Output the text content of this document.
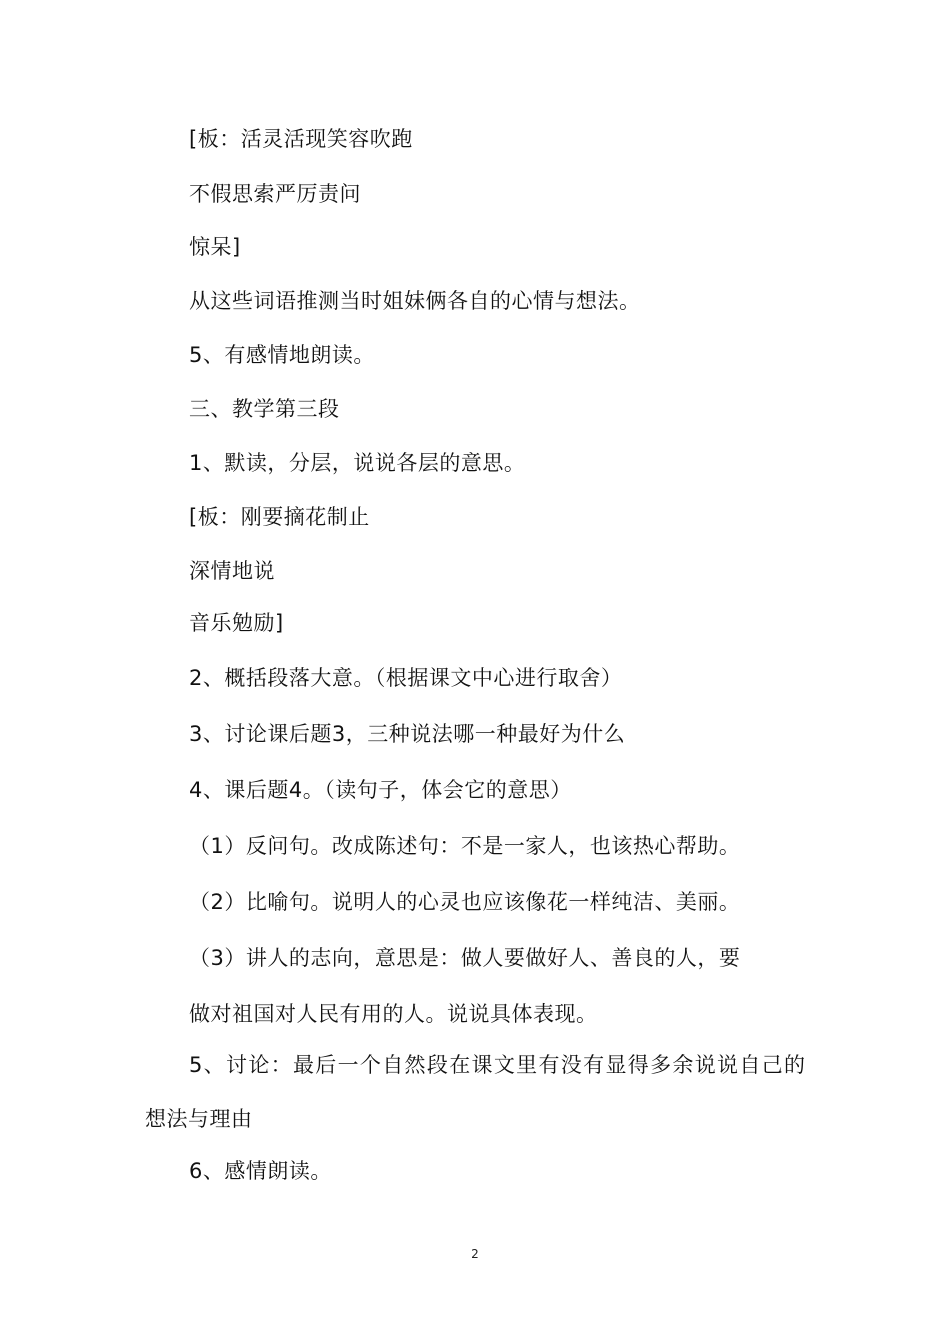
[板：活灵活现笑容吹跑
不假思索严厉责问
惊呆]
从这些词语推测当时姐妹俩各自的心情与想法。
5、有感情地朗读。
三、教学第三段
1、默读，分层，说说各层的意思。
[板：刚要摘花制止
深情地说
音乐勉励]
2、概括段落大意。（根据课文中心进行取舍）
3、讨论课后题3，三种说法哪一种最好为什么
4、课后题4。（读句子，体会它的意思）
（1）反问句。改成陈述句：不是一家人，也该热心帮助。
（2）比喻句。说明人的心灵也应该像花一样纯洁、美丽。
（3）讲人的志向，意思是：做人要做好人、善良的人，要
做对祖国对人民有用的人。说说具体表现。
5、讨论：最后一个自然段在课文里有没有显得多余说说自己的
想法与理由
6、感情朗读。
2
